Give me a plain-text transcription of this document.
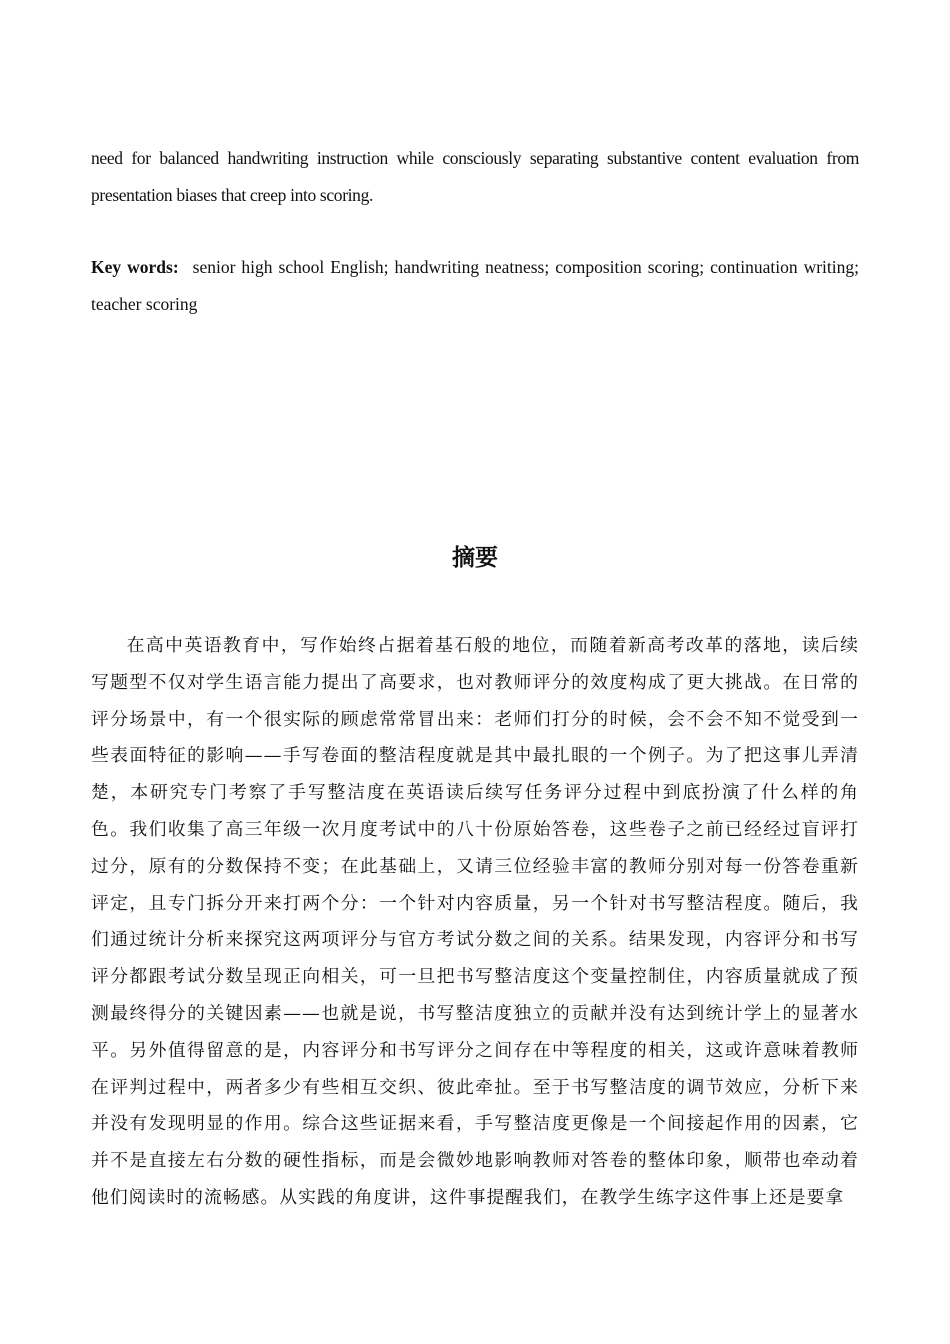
need for balanced handwriting instruction while consciously separating substantive content evaluation from presentation biases that creep into scoring.

Key words: senior high school English; handwriting neatness; composition scoring; continuation writing; teacher scoring

摘要

在高中英语教育中，写作始终占据着基石般的地位，而随着新高考改革的落地，读后续写题型不仅对学生语言能力提出了高要求，也对教师评分的效度构成了更大挑战。在日常的评分场景中，有一个很实际的顾虑常常冒出来：老师们打分的时候，会不会不知不觉受到一些表面特征的影响——手写卷面的整洁程度就是其中最扎眼的一个例子。为了把这事儿弄清楚，本研究专门考察了手写整洁度在英语读后续写任务评分过程中到底扮演了什么样的角色。我们收集了高三年级一次月度考试中的八十份原始答卷，这些卷子之前已经经过盲评打过分，原有的分数保持不变；在此基础上，又请三位经验丰富的教师分别对每一份答卷重新评定，且专门拆分开来打两个分：一个针对内容质量，另一个针对书写整洁程度。随后，我们通过统计分析来探究这两项评分与官方考试分数之间的关系。结果发现，内容评分和书写评分都跟考试分数呈现正向相关，可一旦把书写整洁度这个变量控制住，内容质量就成了预测最终得分的关键因素——也就是说，书写整洁度独立的贡献并没有达到统计学上的显著水平。另外值得留意的是，内容评分和书写评分之间存在中等程度的相关，这或许意味着教师在评判过程中，两者多少有些相互交织、彼此牵扯。至于书写整洁度的调节效应，分析下来并没有发现明显的作用。综合这些证据来看，手写整洁度更像是一个间接起作用的因素，它并不是直接左右分数的硬性指标，而是会微妙地影响教师对答卷的整体印象，顺带也牵动着他们阅读时的流畅感。从实践的角度讲，这件事提醒我们，在教学生练字这件事上还是要拿
